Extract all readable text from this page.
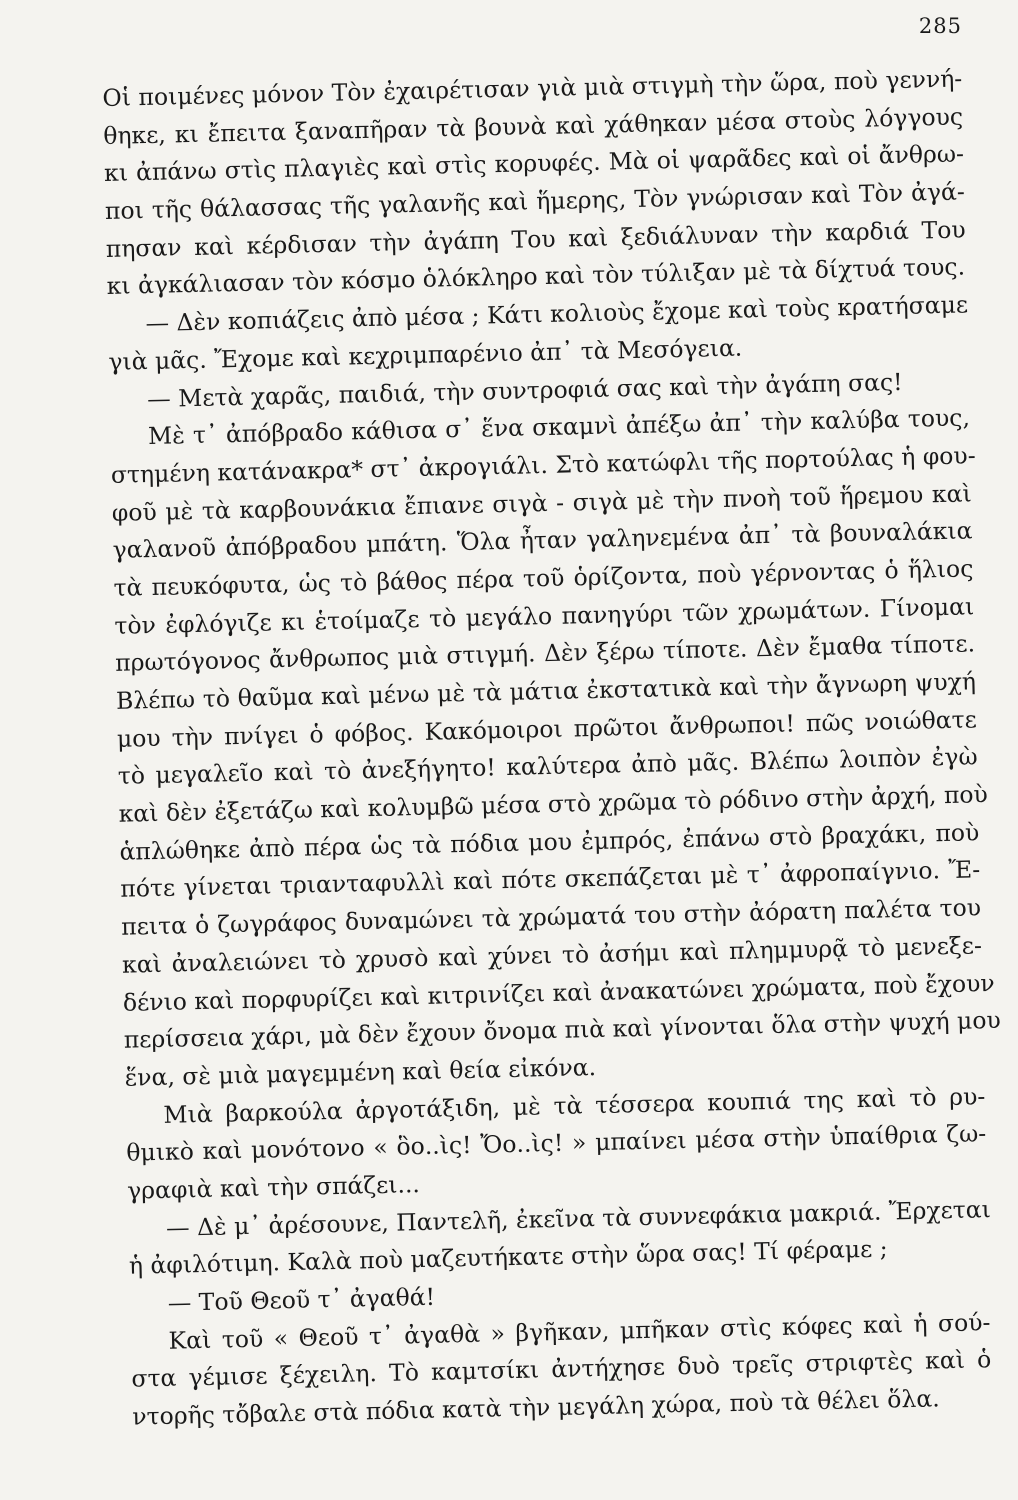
285
Οἱ ποιμένες μόνον Τὸν ἐχαιρέτισαν γιὰ μιὰ στιγμὴ τὴν ὥρα, ποὺ γεννή-
θηκε, κι ἔπειτα ξαναπῆραν τὰ βουνὰ καὶ χάθηκαν μέσα στοὺς λόγγους
κι ἀπάνω στὶς πλαγιὲς καὶ στὶς κορυφές. Μὰ οἱ ψαρᾶδες καὶ οἱ ἄνθρω-
ποι τῆς θάλασσας τῆς γαλανῆς καὶ ἥμερης, Τὸν γνώρισαν καὶ Τὸν ἀγά-
πησαν καὶ κέρδισαν τὴν ἀγάπη Του καὶ ξεδιάλυναν τὴν καρδιά Του
κι ἀγκάλιασαν τὸν κόσμο ὁλόκληρο καὶ τὸν τύλιξαν μὲ τὰ δίχτυά τους.
— Δὲν κοπιάζεις ἀπὸ μέσα ; Κάτι κολιοὺς ἔχομε καὶ τοὺς κρατήσαμε
γιὰ μᾶς. Ἔχομε καὶ κεχριμπαρένιο ἀπ᾽ τὰ Μεσόγεια.
— Μετὰ χαρᾶς, παιδιά, τὴν συντροφιά σας καὶ τὴν ἀγάπη σας!
Μὲ τ᾽ ἀπόβραδο κάθισα σ᾽ ἕνα σκαμνὶ ἀπέξω ἀπ᾽ τὴν καλύβα τους,
στημένη κατάνακρα* στ᾽ ἀκρογιάλι. Στὸ κατώφλι τῆς πορτούλας ἡ φου-
φοῦ μὲ τὰ καρβουνάκια ἔπιανε σιγὰ - σιγὰ μὲ τὴν πνοὴ τοῦ ἥρεμου καὶ
γαλανοῦ ἀπόβραδου μπάτη. Ὅλα ἦταν γαληνεμένα ἀπ᾽ τὰ βουναλάκια
τὰ πευκόφυτα, ὡς τὸ βάθος πέρα τοῦ ὁρίζοντα, ποὺ γέρνοντας ὁ ἥλιος
τὸν ἐφλόγιζε κι ἑτοίμαζε τὸ μεγάλο πανηγύρι τῶν χρωμάτων. Γίνομαι
πρωτόγονος ἄνθρωπος μιὰ στιγμή. Δὲν ξέρω τίποτε. Δὲν ἔμαθα τίποτε.
Βλέπω τὸ θαῦμα καὶ μένω μὲ τὰ μάτια ἐκστατικὰ καὶ τὴν ἄγνωρη ψυχή
μου τὴν πνίγει ὁ φόβος. Κακόμοιροι πρῶτοι ἄνθρωποι! πῶς νοιώθατε
τὸ μεγαλεῖο καὶ τὸ ἀνεξήγητο! καλύτερα ἀπὸ μᾶς. Βλέπω λοιπὸν ἐγὼ
καὶ δὲν ἐξετάζω καὶ κολυμβῶ μέσα στὸ χρῶμα τὸ ρόδινο στὴν ἀρχή, ποὺ
ἁπλώθηκε ἀπὸ πέρα ὡς τὰ πόδια μου ἐμπρός, ἐπάνω στὸ βραχάκι, ποὺ
πότε γίνεται τριανταφυλλὶ καὶ πότε σκεπάζεται μὲ τ᾽ ἀφροπαίγνιο. Ἔ-
πειτα ὁ ζωγράφος δυναμώνει τὰ χρώματά του στὴν ἀόρατη παλέτα του
καὶ ἀναλειώνει τὸ χρυσὸ καὶ χύνει τὸ ἀσήμι καὶ πλημμυρᾷ τὸ μενεξε-
δένιο καὶ πορφυρίζει καὶ κιτρινίζει καὶ ἀνακατώνει χρώματα, ποὺ ἔχουν
περίσσεια χάρι, μὰ δὲν ἔχουν ὄνομα πιὰ καὶ γίνονται ὅλα στὴν ψυχή μου
ἕνα, σὲ μιὰ μαγεμμένη καὶ θεία εἰκόνα.
Μιὰ βαρκούλα ἀργοτάξιδη, μὲ τὰ τέσσερα κουπιά της καὶ τὸ ρυ-
θμικὸ καὶ μονότονο « ὃο..ὶς! Ὄο..ὶς! » μπαίνει μέσα στὴν ὑπαίθρια ζω-
γραφιὰ καὶ τὴν σπάζει...
— Δὲ μ᾽ ἀρέσουνε, Παντελῆ, ἐκεῖνα τὰ συννεφάκια μακριά. Ἔρχεται
ἡ ἀφιλότιμη. Καλὰ ποὺ μαζευτήκατε στὴν ὥρα σας! Τί φέραμε ;
— Τοῦ Θεοῦ τ᾽ ἀγαθά!
Καὶ τοῦ « Θεοῦ τ᾽ ἀγαθὰ » βγῆκαν, μπῆκαν στὶς κόφες καὶ ἡ σού-
στα γέμισε ξέχειλη. Τὸ καμτσίκι ἀντήχησε δυὸ τρεῖς στριφτὲς καὶ ὁ
ντορῆς τὄβαλε στὰ πόδια κατὰ τὴν μεγάλη χώρα, ποὺ τὰ θέλει ὅλα.
